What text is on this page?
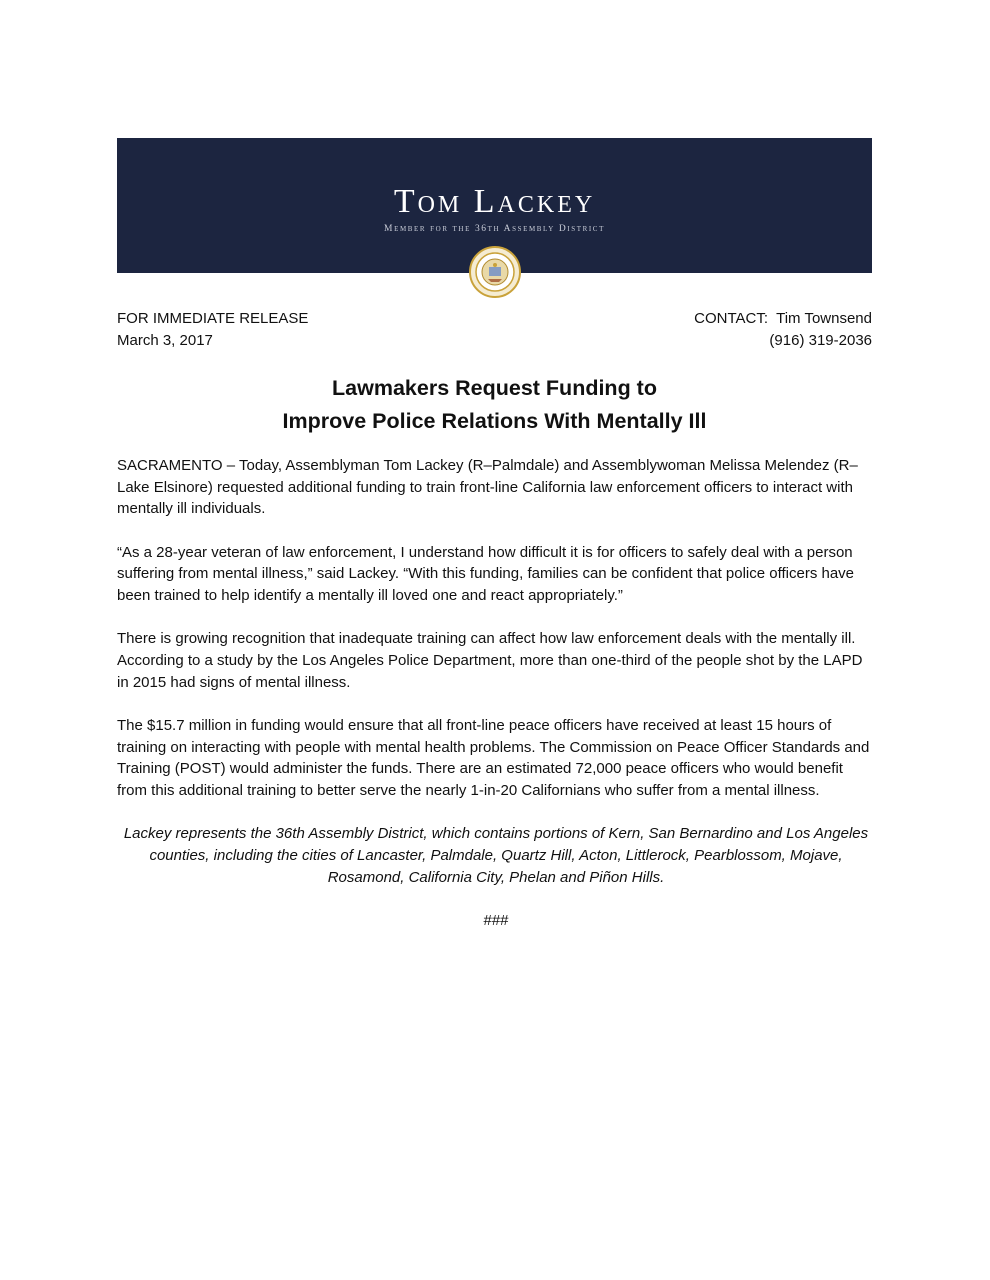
Tom Lackey
Member for the 36th Assembly District
FOR IMMEDIATE RELEASE
March 3, 2017
CONTACT:  Tim Townsend
(916) 319-2036
Lawmakers Request Funding to
Improve Police Relations With Mentally Ill

SACRAMENTO – Today, Assemblyman Tom Lackey (R–Palmdale) and Assemblywoman Melissa Melendez (R–Lake Elsinore) requested additional funding to train front-line California law enforcement officers to interact with mentally ill individuals.

“As a 28-year veteran of law enforcement, I understand how difficult it is for officers to safely deal with a person suffering from mental illness,” said Lackey. “With this funding, families can be confident that police officers have been trained to help identify a mentally ill loved one and react appropriately.”

There is growing recognition that inadequate training can affect how law enforcement deals with the mentally ill. According to a study by the Los Angeles Police Department, more than one-third of the people shot by the LAPD in 2015 had signs of mental illness.

The $15.7 million in funding would ensure that all front-line peace officers have received at least 15 hours of training on interacting with people with mental health problems. The Commission on Peace Officer Standards and Training (POST) would administer the funds. There are an estimated 72,000 peace officers who would benefit from this additional training to better serve the nearly 1-in-20 Californians who suffer from a mental illness.

Lackey represents the 36th Assembly District, which contains portions of Kern, San Bernardino and Los Angeles counties, including the cities of Lancaster, Palmdale, Quartz Hill, Acton, Littlerock, Pearblossom, Mojave, Rosamond, California City, Phelan and Piñon Hills.

###
